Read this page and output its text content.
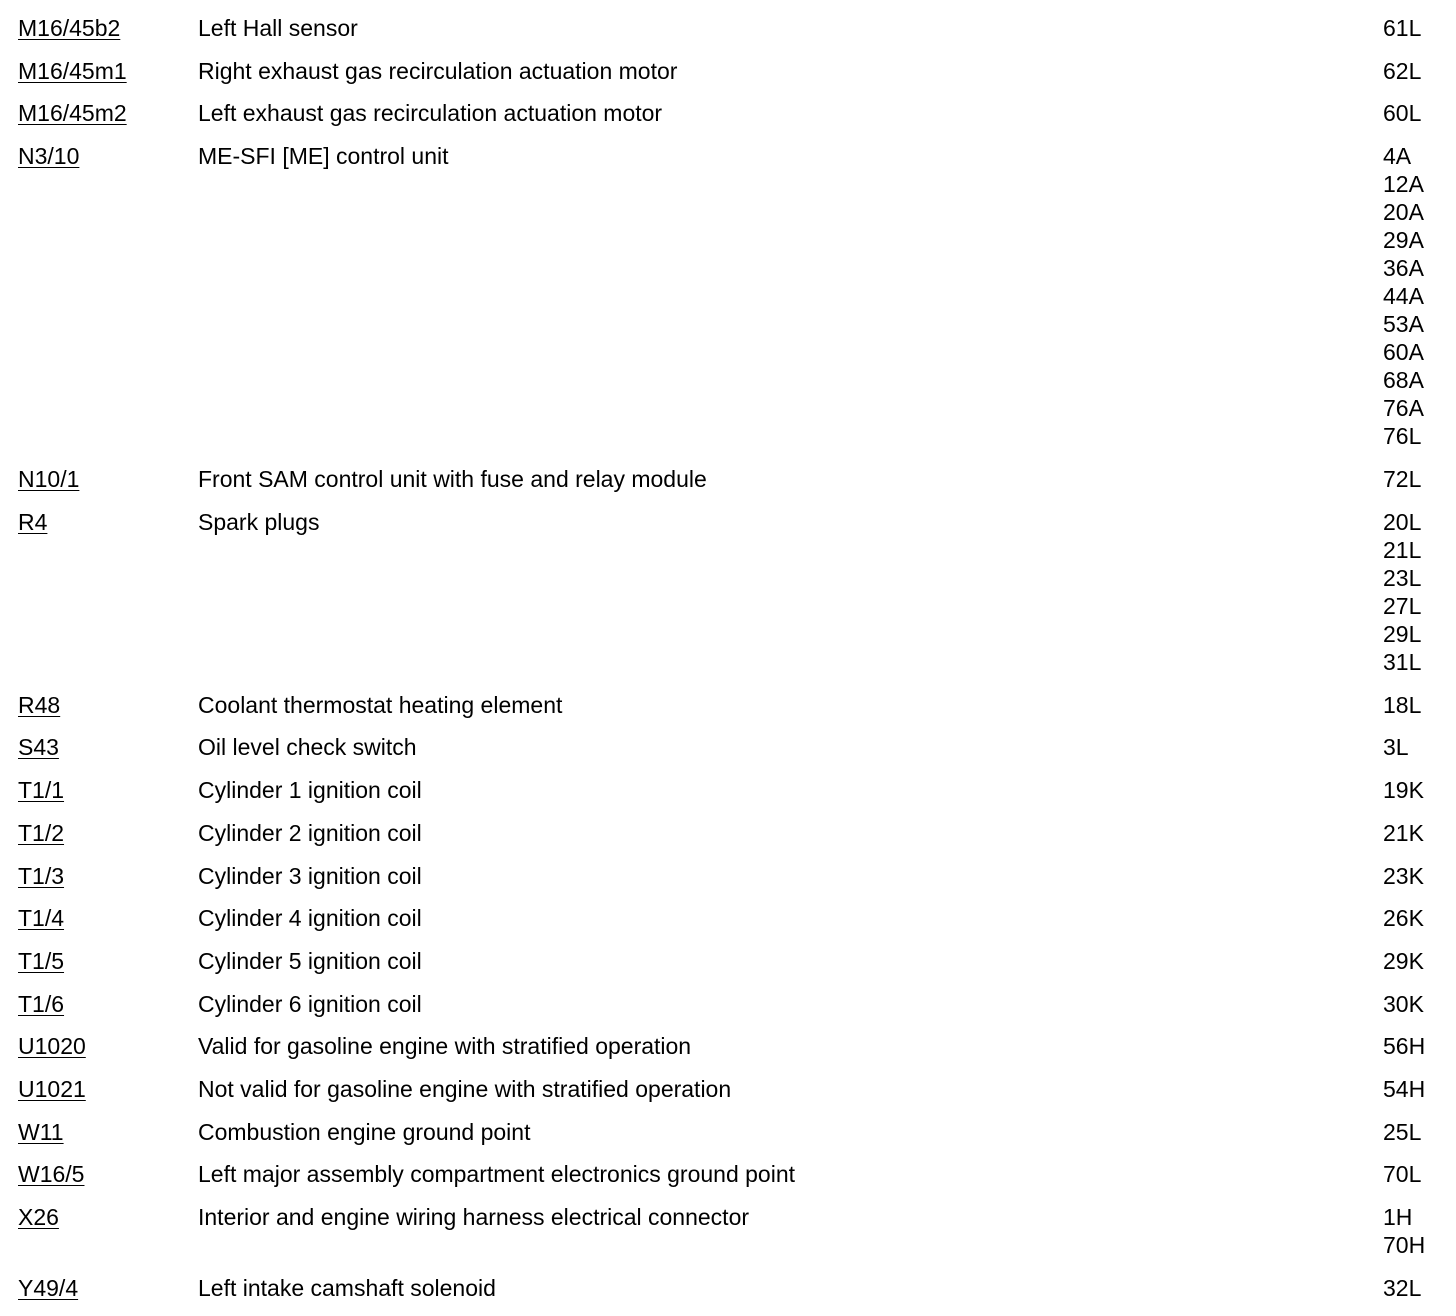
M16/45b2	Left Hall sensor	61L
M16/45m1	Right exhaust gas recirculation actuation motor	62L
M16/45m2	Left exhaust gas recirculation actuation motor	60L
N3/10	ME-SFI [ME] control unit	4A
12A
20A
29A
36A
44A
53A
60A
68A
76A
76L
N10/1	Front SAM control unit with fuse and relay module	72L
R4	Spark plugs	20L
21L
23L
27L
29L
31L
R48	Coolant thermostat heating element	18L
S43	Oil level check switch	3L
T1/1	Cylinder 1 ignition coil	19K
T1/2	Cylinder 2 ignition coil	21K
T1/3	Cylinder 3 ignition coil	23K
T1/4	Cylinder 4 ignition coil	26K
T1/5	Cylinder 5 ignition coil	29K
T1/6	Cylinder 6 ignition coil	30K
U1020	Valid for gasoline engine with stratified operation	56H
U1021	Not valid for gasoline engine with stratified operation	54H
W11	Combustion engine ground point	25L
W16/5	Left major assembly compartment electronics ground point	70L
X26	Interior and engine wiring harness electrical connector	1H
70H
Y49/4	Left intake camshaft solenoid	32L
